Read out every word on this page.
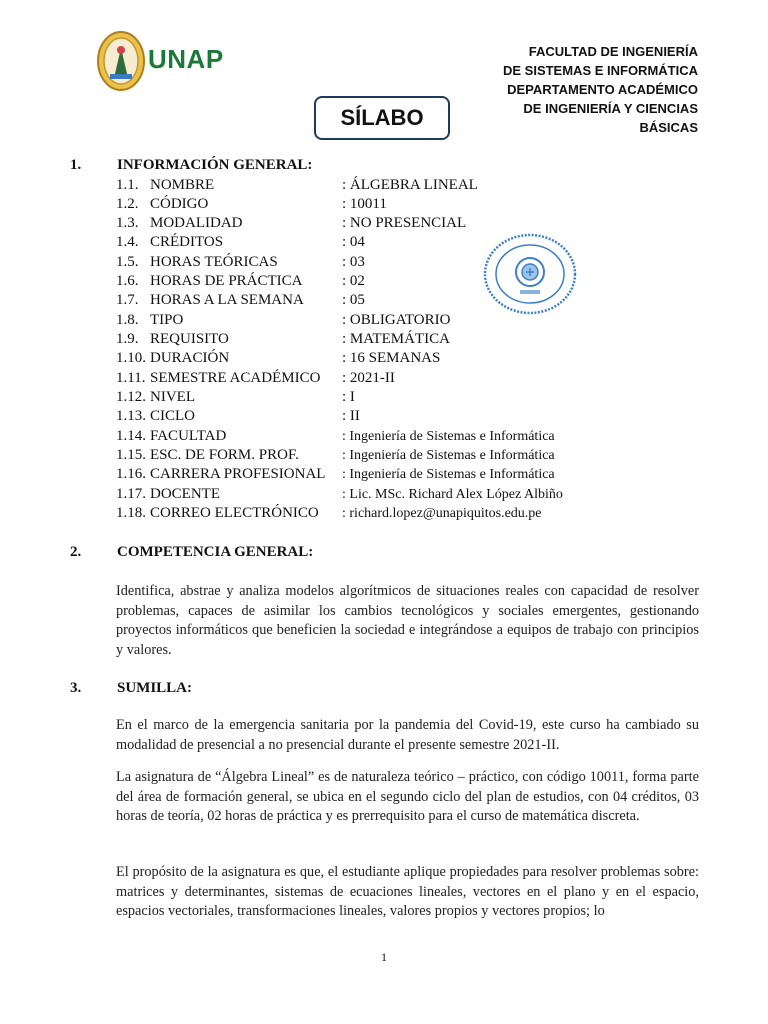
UNAP	FACULTAD DE INGENIERÍA
DE SISTEMAS E INFORMÁTICA
DEPARTAMENTO ACADÉMICO
DE INGENIERÍA Y CIENCIAS
BÁSICAS
SÍLABO
1. INFORMACIÓN GENERAL:
1.1. NOMBRE	: ÁLGEBRA LINEAL
1.2. CÓDIGO	: 10011
1.3. MODALIDAD	: NO PRESENCIAL
1.4. CRÉDITOS	: 04
1.5. HORAS TEÓRICAS	: 03
1.6. HORAS DE PRÁCTICA	: 02
1.7. HORAS A LA SEMANA	: 05
1.8. TIPO	: OBLIGATORIO
1.9. REQUISITO	: MATEMÁTICA
1.10. DURACIÓN	: 16 SEMANAS
1.11. SEMESTRE ACADÉMICO : 2021-II
1.12. NIVEL	: I
1.13. CICLO	: II
1.14. FACULTAD	: Ingeniería de Sistemas e Informática
1.15. ESC. DE FORM. PROF.	: Ingeniería de Sistemas e Informática
1.16. CARRERA PROFESIONAL : Ingeniería de Sistemas e Informática
1.17. DOCENTE	: Lic. MSc. Richard Alex López Albiño
1.18. CORREO ELECTRÓNICO : richard.lopez@unapiquitos.edu.pe
2. COMPETENCIA GENERAL:
Identifica, abstrae y analiza modelos algorítmicos de situaciones reales con capacidad de resolver problemas, capaces de asimilar los cambios tecnológicos y sociales emergentes, gestionando proyectos informáticos que beneficien la sociedad e integrándose a equipos de trabajo con principios y valores.
3. SUMILLA:
En el marco de la emergencia sanitaria por la pandemia del Covid-19, este curso ha cambiado su modalidad de presencial a no presencial durante el presente semestre 2021-II.
La asignatura de “Álgebra Lineal” es de naturaleza teórico – práctico, con código 10011, forma parte del área de formación general, se ubica en el segundo ciclo del plan de estudios, con 04 créditos, 03 horas de teoría, 02 horas de práctica y es prerrequisito para el curso de matemática discreta.
El propósito de la asignatura es que, el estudiante aplique propiedades para resolver problemas sobre: matrices y determinantes, sistemas de ecuaciones lineales, vectores en el plano y en el espacio, espacios vectoriales, transformaciones lineales, valores propios y vectores propios; lo
1
